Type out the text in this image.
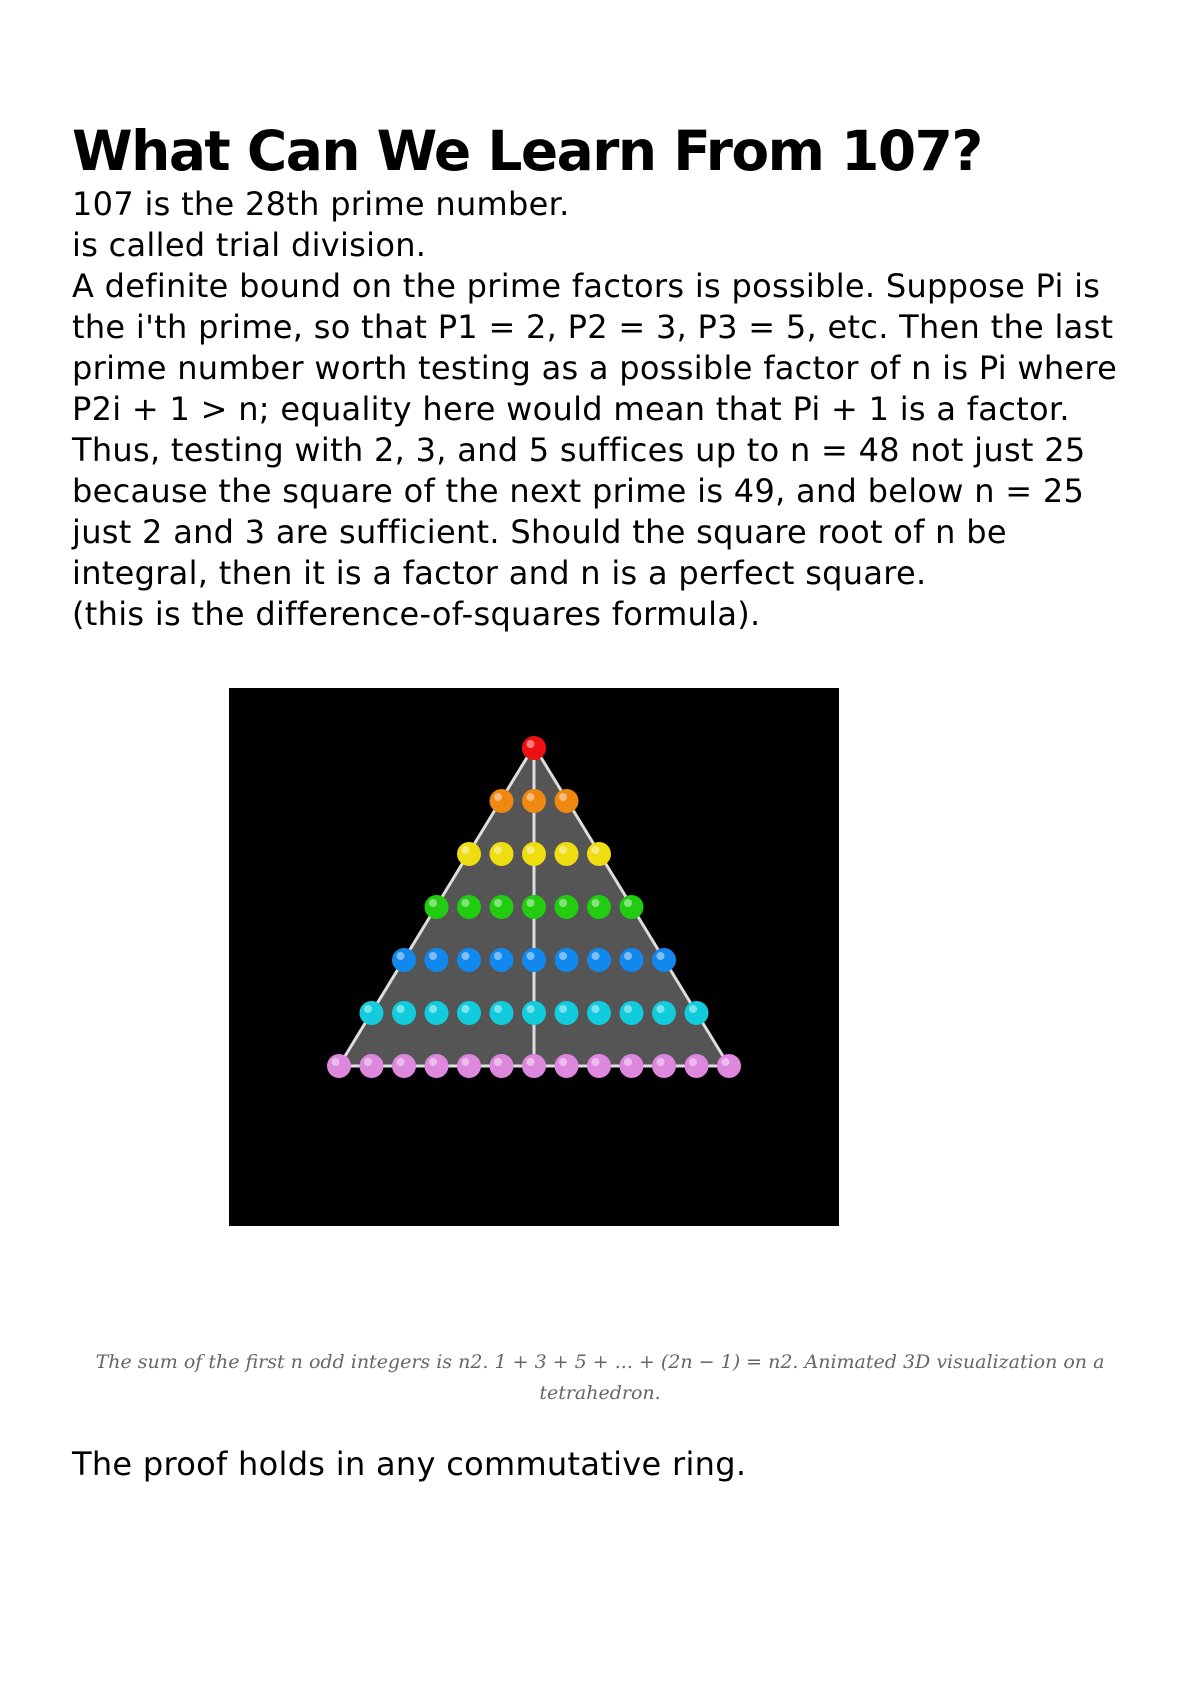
What Can We Learn From 107?

107 is the 28th prime number.

is called trial division.

A definite bound on the prime factors is possible. Suppose Pi is the i'th prime, so that P1 = 2, P2 = 3, P3 = 5, etc. Then the last prime number worth testing as a possible factor of n is Pi where P2i + 1 > n; equality here would mean that Pi + 1 is a factor. Thus, testing with 2, 3, and 5 suffices up to n = 48 not just 25 because the square of the next prime is 49, and below n = 25 just 2 and 3 are sufficient. Should the square root of n be integral, then it is a factor and n is a perfect square.

(this is the difference-of-squares formula).

The sum of the first n odd integers is n2. 1 + 3 + 5 + ... + (2n − 1) = n2. Animated 3D visualization on a tetrahedron.

The proof holds in any commutative ring.
